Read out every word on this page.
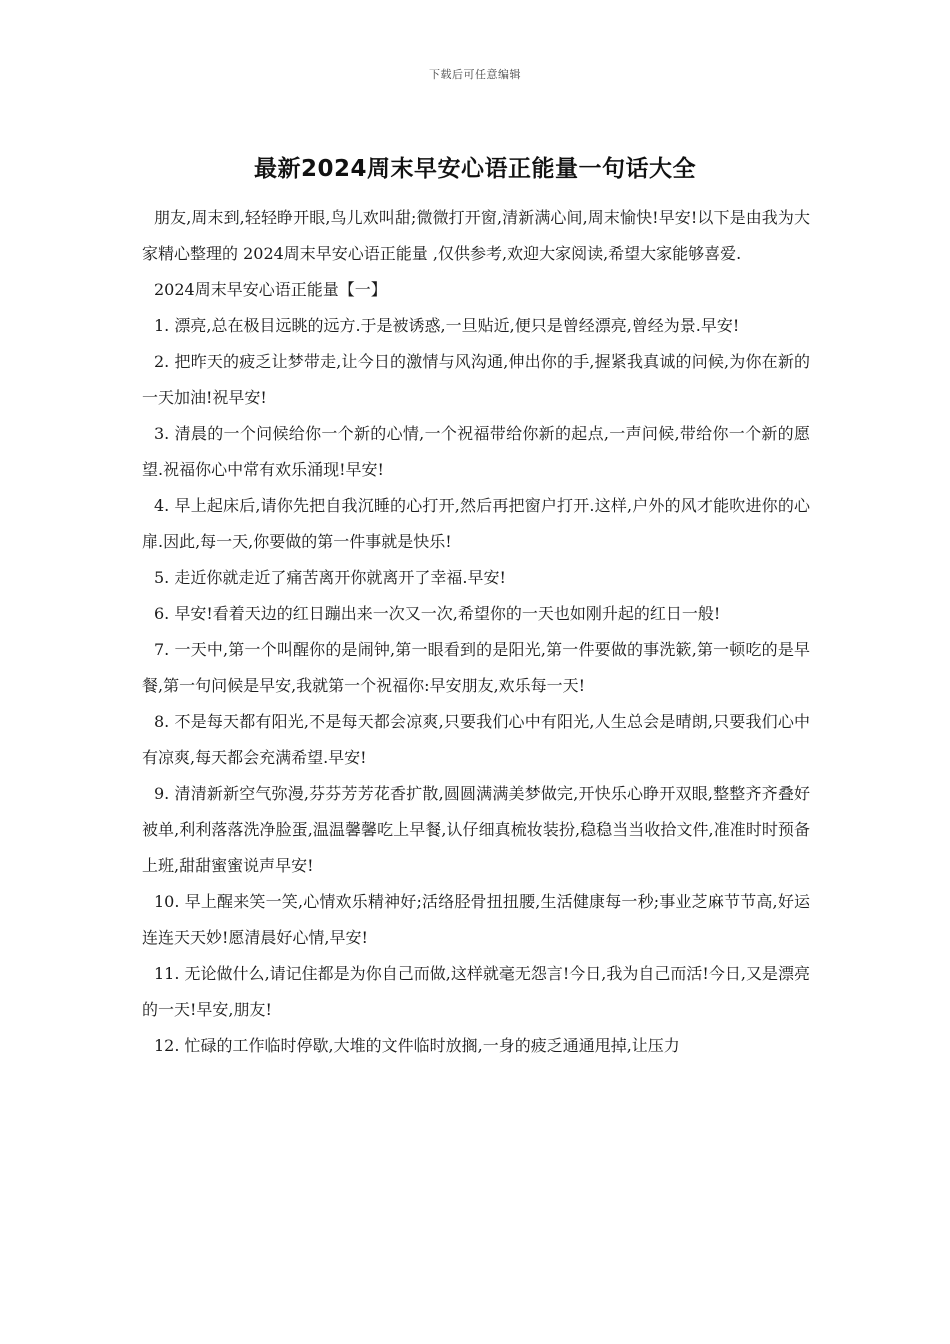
下载后可任意编辑
最新2024周末早安心语正能量一句话大全

朋友,周末到,轻轻睁开眼,鸟儿欢叫甜;微微打开窗,清新满心间,周末愉快!早安!以下是由我为大家精心整理的 2024周末早安心语正能量 ,仅供参考,欢迎大家阅读,希望大家能够喜爱.

2024周末早安心语正能量【一】

1. 漂亮,总在极目远眺的远方.于是被诱惑,一旦贴近,便只是曾经漂亮,曾经为景.早安!

2. 把昨天的疲乏让梦带走,让今日的激情与风沟通,伸出你的手,握紧我真诚的问候,为你在新的一天加油!祝早安!

3. 清晨的一个问候给你一个新的心情,一个祝福带给你新的起点,一声问候,带给你一个新的愿望.祝福你心中常有欢乐涌现!早安!

4. 早上起床后,请你先把自我沉睡的心打开,然后再把窗户打开.这样,户外的风才能吹进你的心扉.因此,每一天,你要做的第一件事就是快乐!

5. 走近你就走近了痛苦离开你就离开了幸福.早安!

6. 早安!看着天边的红日蹦出来一次又一次,希望你的一天也如刚升起的红日一般!

7. 一天中,第一个叫醒你的是闹钟,第一眼看到的是阳光,第一件要做的事洗簌,第一顿吃的是早餐,第一句问候是早安,我就第一个祝福你:早安朋友,欢乐每一天!

8. 不是每天都有阳光,不是每天都会凉爽,只要我们心中有阳光,人生总会是晴朗,只要我们心中有凉爽,每天都会充满希望.早安!

9. 清清新新空气弥漫,芬芬芳芳花香扩散,圆圆满满美梦做完,开快乐心睁开双眼,整整齐齐叠好被单,利利落落洗净脸蛋,温温馨馨吃上早餐,认仔细真梳妆装扮,稳稳当当收拾文件,准准时时预备上班,甜甜蜜蜜说声早安!

10. 早上醒来笑一笑,心情欢乐精神好;活络胫骨扭扭腰,生活健康每一秒;事业芝麻节节高,好运连连天天妙!愿清晨好心情,早安!

11. 无论做什么,请记住都是为你自己而做,这样就毫无怨言!今日,我为自己而活!今日,又是漂亮的一天!早安,朋友!

12. 忙碌的工作临时停歇,大堆的文件临时放搁,一身的疲乏通通甩掉,让压力
